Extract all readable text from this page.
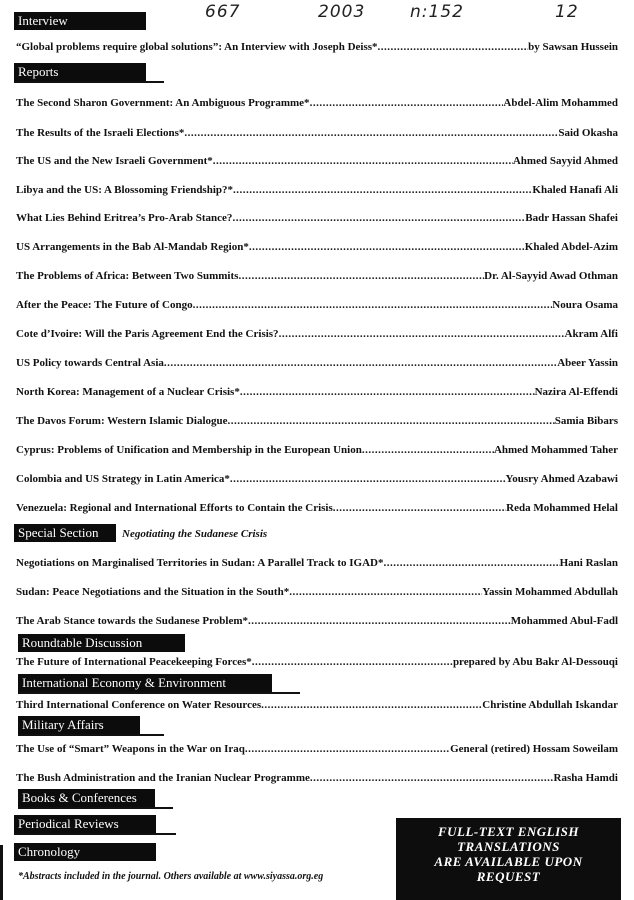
667	2003	n:152	12
Interview
“Global problems require global solutions”: An Interview with Joseph Deiss* .....	by Sawsan Hussein
Reports
The Second Sharon Government: An Ambiguous Programme* .....	Abdel-Alim Mohammed
The Results of the Israeli Elections* .....	Said Okasha
The US and the New Israeli Government* .....	Ahmed Sayyid Ahmed
Libya and the US: A Blossoming Friendship?* .....	Khaled Hanafi Ali
What Lies Behind Eritrea’s Pro-Arab Stance? .....	Badr Hassan Shafei
US Arrangements in the Bab Al-Mandab Region* .....	Khaled Abdel-Azim
The Problems of Africa: Between Two Summits .....	Dr. Al-Sayyid Awad Othman
After the Peace: The Future of Congo .....	Noura Osama
Cote d’Ivoire: Will the Paris Agreement End the Crisis? .....	Akram Alfi
US Policy towards Central Asia .....	Abeer Yassin
North Korea: Management of a Nuclear Crisis* .....	Nazira Al-Effendi
The Davos Forum: Western Islamic Dialogue .....	Samia Bibars
Cyprus: Problems of Unification and Membership in the European Union .....	Ahmed Mohammed Taher
Colombia and US Strategy in Latin America* .....	Yousry Ahmed Azabawi
Venezuela: Regional and International Efforts to Contain the Crisis .....	Reda Mohammed Helal
Special Section	Negotiating the Sudanese Crisis
Negotiations on Marginalised Territories in Sudan: A Parallel Track to IGAD* .....	Hani Raslan
Sudan: Peace Negotiations and the Situation in the South* .....	Yassin Mohammed Abdullah
The Arab Stance towards the Sudanese Problem* .....	Mohammed Abul-Fadl
Roundtable Discussion
The Future of International Peacekeeping Forces* .....	prepared by Abu Bakr Al-Dessouqi
International Economy & Environment
Third International Conference on Water Resources .....	Christine Abdullah Iskandar
Military Affairs
The Use of “Smart” Weapons in the War on Iraq .....	General (retired) Hossam Soweilam
The Bush Administration and the Iranian Nuclear Programme .....	Rasha Hamdi
Books & Conferences
Periodical Reviews
Chronology
*Abstracts included in the journal. Others available at www.siyassa.org.eg
FULL-TEXT ENGLISH
TRANSLATIONS
ARE AVAILABLE UPON
REQUEST
